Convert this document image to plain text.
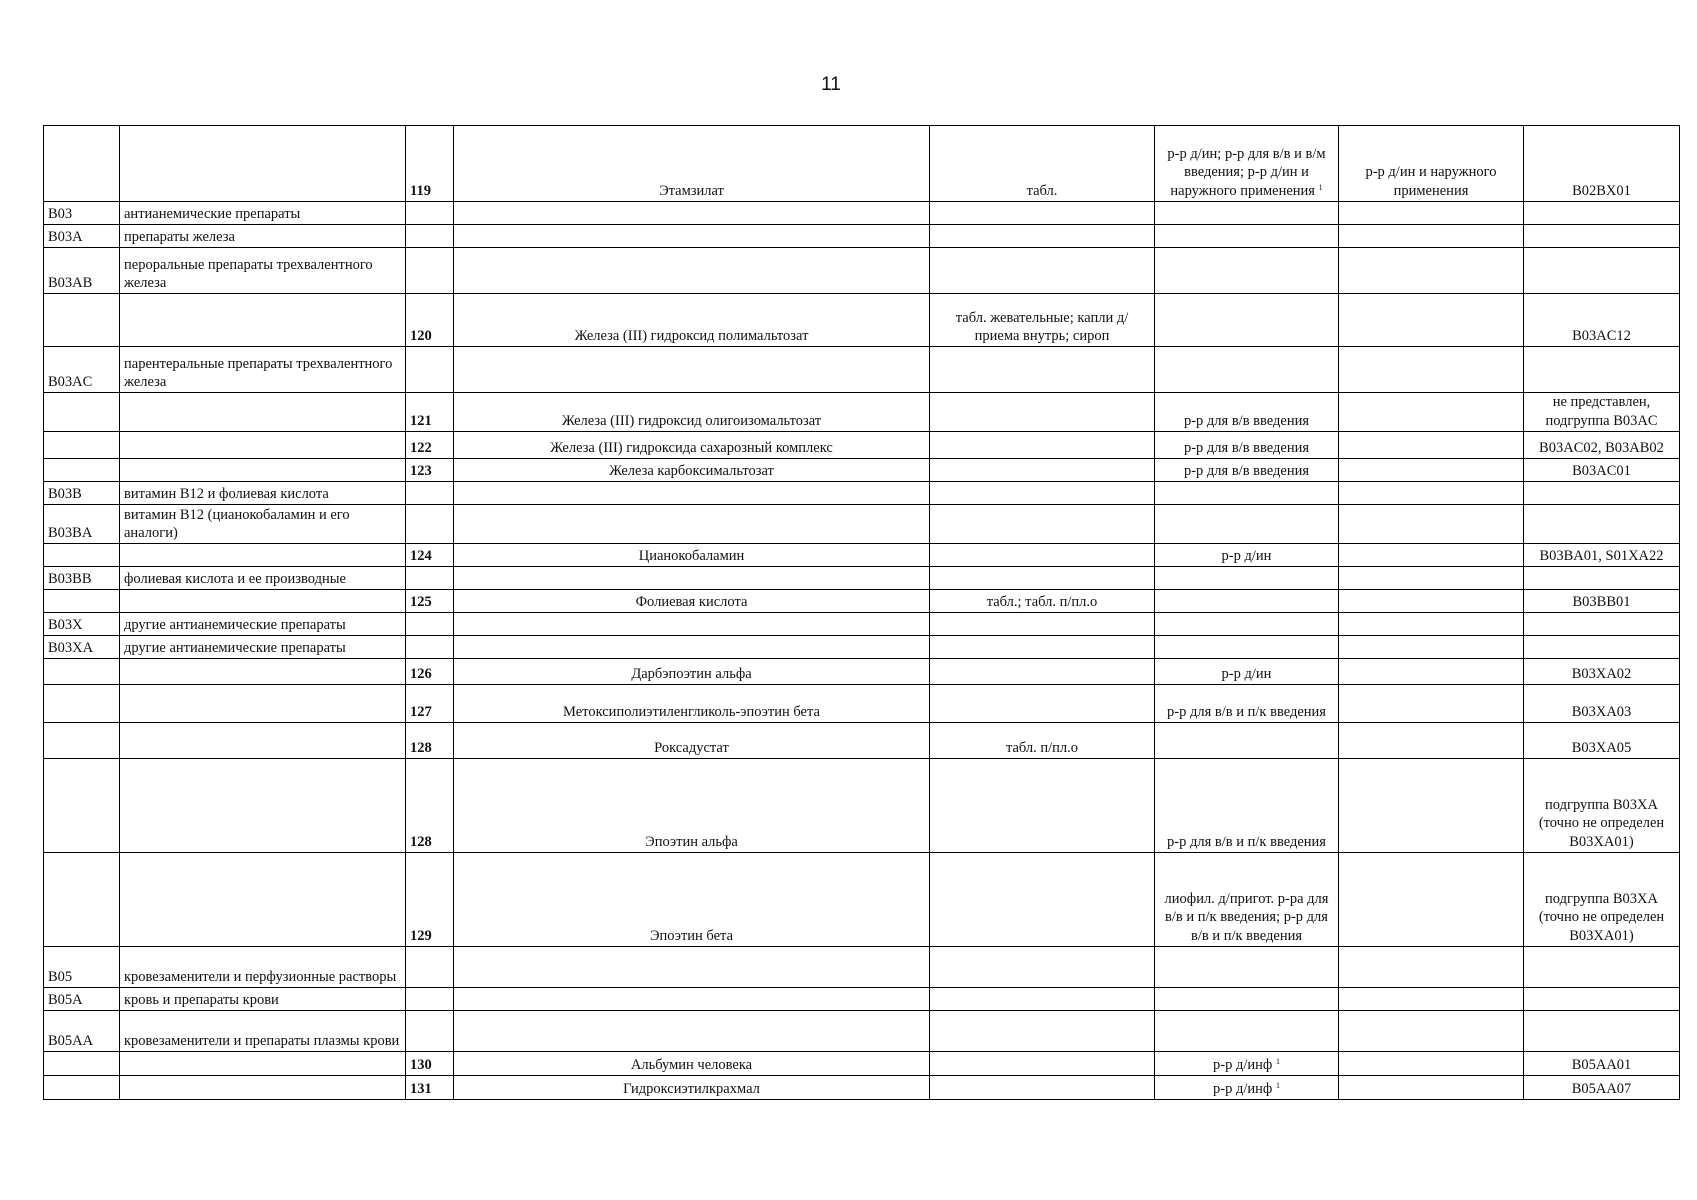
11
		119	Этамзилат	табл.	р-р д/ин; р-р для в/в и в/м введения; р-р д/ин и наружного применения $^1$	р-р д/ин и наружного применения	B02BX01
B03	антианемические препараты						
B03A	препараты железа						
B03AB	пероральные препараты трехвалентного железа						
		120	Железа (III) гидроксид полимальтозат	табл. жевательные; капли д/приема внутрь; сироп			B03AC12
B03AC	парентеральные препараты трехвалентного железа						
		121	Железа (III) гидроксид олигоизомальтозат		р-р для в/в введения		не представлен, подгруппа B03AC
		122	Железа (III) гидроксида сахарозный комплекс		р-р для в/в введения		B03AC02, B03AB02
		123	Железа карбоксимальтозат		р-р для в/в введения		B03AC01
B03B	витамин B12 и фолиевая кислота						
B03BA	витамин B12 (цианокобаламин и его аналоги)						
		124	Цианокобаламин		р-р д/ин		B03BA01, S01XA22
B03BB	фолиевая кислота и ее производные						
		125	Фолиевая кислота	табл.; табл. п/пл.о			B03BB01
B03X	другие антианемические препараты						
B03XA	другие антианемические препараты						
		126	Дарбэпоэтин альфа		р-р д/ин		B03XA02
		127	Метоксиполиэтиленгликоль-эпоэтин бета		р-р для в/в и п/к введения		B03XA03
		128	Роксадустат	табл. п/пл.о			B03XA05
		128	Эпоэтин альфа		р-р для в/в и п/к введения		подгруппа B03XA (точно не определен B03XA01)
		129	Эпоэтин бета		лиофил. д/пригот. р-ра для в/в и п/к введения; р-р для в/в и п/к введения		подгруппа B03XA (точно не определен B03XA01)
B05	кровезаменители и перфузионные растворы						
B05A	кровь и препараты крови						
B05AA	кровезаменители и препараты плазмы крови						
		130	Альбумин человека		р-р д/инф $^1$		B05AA01
		131	Гидроксиэтилкрахмал		р-р д/инф $^1$		B05AA07
